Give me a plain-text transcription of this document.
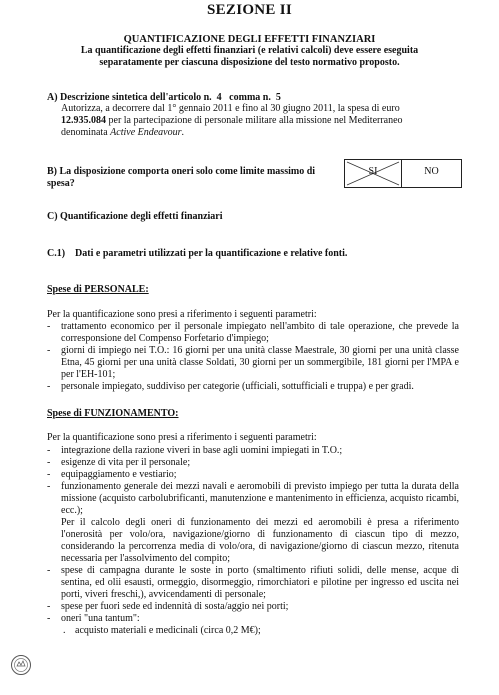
SEZIONE II
QUANTIFICAZIONE DEGLI EFFETTI FINANZIARI
La quantificazione degli effetti finanziari (e relativi calcoli) deve essere eseguita
separatamente per ciascuna disposizione del testo normativo proposto.
A) Descrizione sintetica dell'articolo n.  4   comma n.  5
Autorizza, a decorrere dal 1° gennaio 2011 e fino al 30 giugno 2011, la spesa di euro
12.935.084 per la partecipazione di personale militare alla missione nel Mediterraneo
denominata Active Endeavour.
B) La disposizione comporta oneri solo come limite massimo di
spesa?
SI	NO
C) Quantificazione degli effetti finanziari
C.1)    Dati e parametri utilizzati per la quantificazione e relative fonti.
Spese di PERSONALE:
Per la quantificazione sono presi a riferimento i seguenti parametri:
- trattamento economico per il personale impiegato nell'ambito di tale operazione, che prevede la corresponsione del Compenso Forfetario d'impiego;
- giorni di impiego nei T.O.: 16 giorni per una unità classe Maestrale, 30 giorni per una unità classe Etna, 45 giorni per una unità classe Soldati, 30 giorni per un sommergibile, 181 giorni per l'MPA e per l'EH-101;
- personale impiegato, suddiviso per categorie (ufficiali, sottufficiali e truppa) e per gradi.
Spese di FUNZIONAMENTO:
Per la quantificazione sono presi a riferimento i seguenti parametri:
- integrazione della razione viveri in base agli uomini impiegati in T.O.;
- esigenze di vita per il personale;
- equipaggiamento e vestiario;
- funzionamento generale dei mezzi navali e aeromobili di previsto impiego per tutta la durata della missione (acquisto carbolubrificanti, manutenzione e mantenimento in efficienza, acquisto ricambi, ecc.);
Per il calcolo degli oneri di funzionamento dei mezzi ed aeromobili è presa a riferimento l'onerosità per volo/ora, navigazione/giorno di funzionamento di ciascun tipo di mezzo, considerando la percorrenza media di volo/ora, di navigazione/giorno di ciascun mezzo, ritenuta necessaria per l'assolvimento del compito;
- spese di campagna durante le soste in porto (smaltimento rifiuti solidi, delle mense, acque di sentina, ed olii esausti, ormeggio, disormeggio, rimorchiatori e pilotine per ingresso ed uscita nei porti, viveri freschi,), avvicendamenti di personale;
- spese per fuori sede ed indennità di sosta/aggio nei porti;
- oneri "una tantum":
. acquisto materiali e medicinali (circa 0,2 M€);
